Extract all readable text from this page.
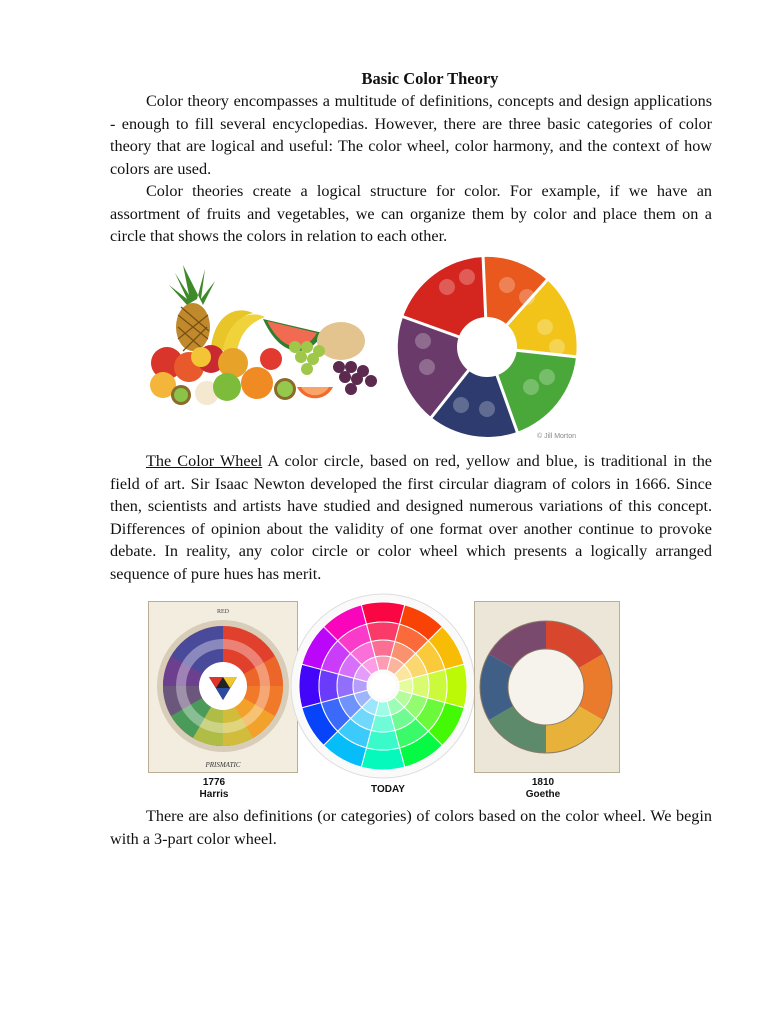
Basic Color Theory

Color theory encompasses a multitude of definitions, concepts and design applications - enough to fill several encyclopedias. However, there are three basic categories of color theory that are logical and useful: The color wheel, color harmony, and the context of how colors are used.

Color theories create a logical structure for color. For example, if we have an assortment of fruits and vegetables, we can organize them by color and place them on a circle that shows the colors in relation to each other.

© Jill Morton

The Color Wheel A color circle, based on red, yellow and blue, is traditional in the field of art. Sir Isaac Newton developed the first circular diagram of colors in 1666. Since then, scientists and artists have studied and designed numerous variations of this concept. Differences of opinion about the validity of one format over another continue to provoke debate. In reality, any color circle or color wheel which presents a logically arranged sequence of pure hues has merit.

RED
PRISMATIC
1776
Harris	TODAY
1810
Goethe

There are also definitions (or categories) of colors based on the color wheel. We begin with a 3-part color wheel.
